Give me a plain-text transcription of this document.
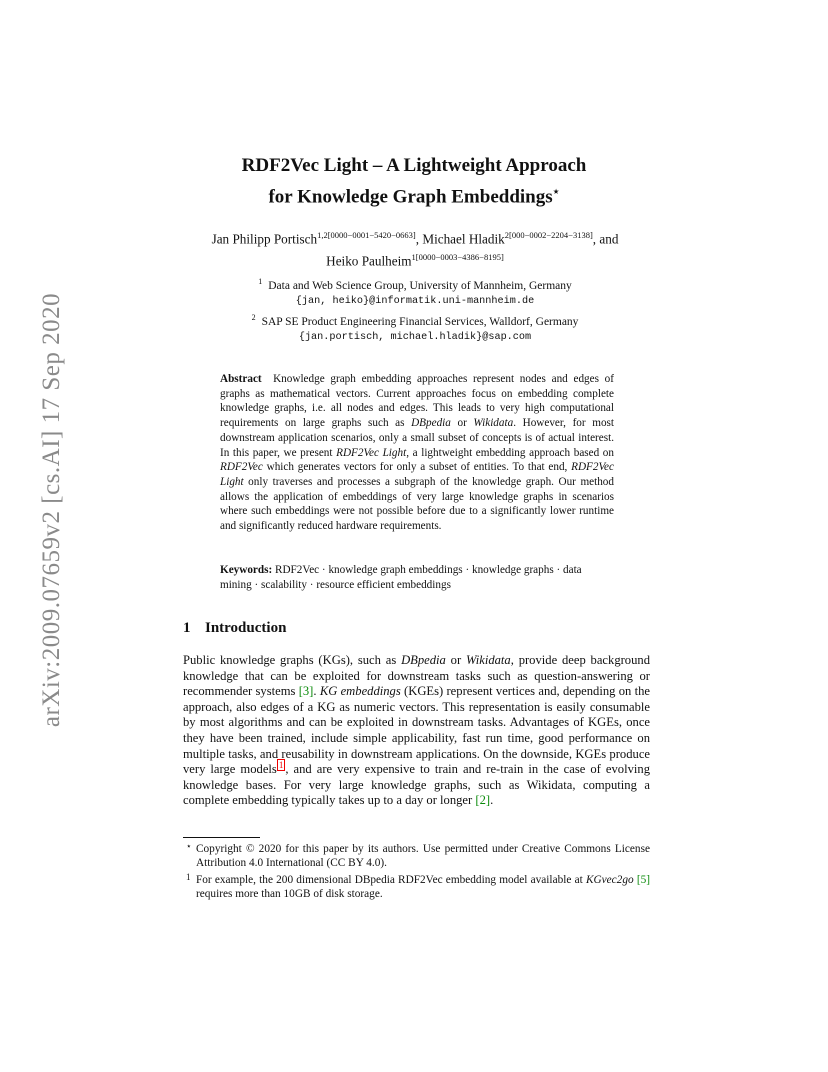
arXiv:2009.07659v2 [cs.AI] 17 Sep 2020
RDF2Vec Light – A Lightweight Approach
for Knowledge Graph Embeddings⋆
Jan Philipp Portisch$^{1,2[0000-0001-5420-0663]}$, Michael Hladik$^{2[000-0002-2204-3138]}$, and
Heiko Paulheim$^{1[0000-0003-4386-8195]}$
$^1$ Data and Web Science Group, University of Mannheim, Germany
{jan, heiko}@informatik.uni-mannheim.de
$^2$ SAP SE Product Engineering Financial Services, Walldorf, Germany
{jan.portisch, michael.hladik}@sap.com
Abstract Knowledge graph embedding approaches represent nodes and edges of graphs as mathematical vectors. Current approaches focus on embedding complete knowledge graphs, i.e. all nodes and edges. This leads to very high computational requirements on large graphs such as DBpedia or Wikidata. However, for most downstream application scenarios, only a small subset of concepts is of actual interest. In this paper, we present RDF2Vec Light, a lightweight embedding approach based on RDF2Vec which generates vectors for only a subset of entities. To that end, RDF2Vec Light only traverses and processes a subgraph of the knowledge graph. Our method allows the application of embeddings of very large knowledge graphs in scenarios where such embeddings were not possible before due to a significantly lower runtime and significantly reduced hardware requirements.
Keywords: RDF2Vec · knowledge graph embeddings · knowledge graphs · data mining · scalability · resource efficient embeddings
1 Introduction
Public knowledge graphs (KGs), such as DBpedia or Wikidata, provide deep background knowledge that can be exploited for downstream tasks such as question-answering or recommender systems [3]. KG embeddings (KGEs) represent vertices and, depending on the approach, also edges of a KG as numeric vectors. This representation is easily consumable by most algorithms and can be exploited in downstream tasks. Advantages of KGEs, once they have been trained, include simple applicability, fast run time, good performance on multiple tasks, and reusability in downstream applications. On the downside, KGEs produce very large models $^1$ , and are very expensive to train and re-train in the case of evolving knowledge bases. For very large knowledge graphs, such as Wikidata, computing a complete embedding typically takes up to a day or longer [2].
⋆ Copyright © 2020 for this paper by its authors. Use permitted under Creative Commons License Attribution 4.0 International (CC BY 4.0).
1 For example, the 200 dimensional DBpedia RDF2Vec embedding model available at KGvec2go [5] requires more than 10GB of disk storage.
